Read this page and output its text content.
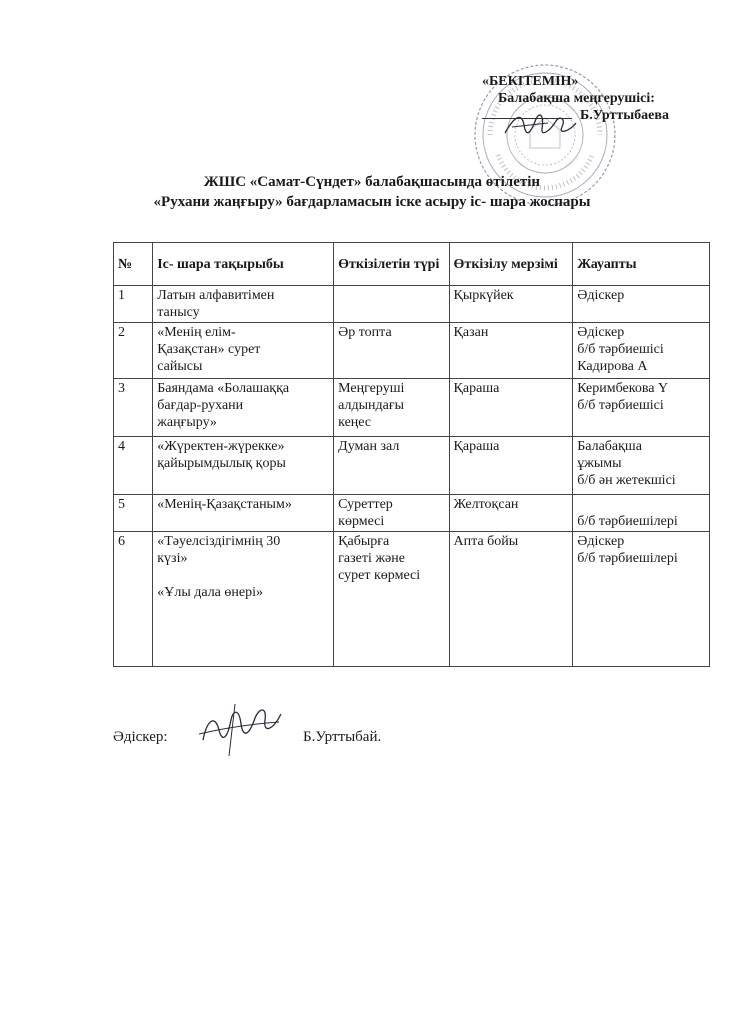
«БЕКІТЕМІН»
Балабақша меңгерушісі:
Б.Урттыбаева
ЖШС «Самат-Сүндет» балабақшасында өтілетін
«Рухани жаңғыру» бағдарламасын іске асыру іс- шара жоспары
№	Іс- шара тақырыбы	Өткізілетін түрі	Өткізілу мерзімі	Жауапты
1	Латын алфавитімен
танысу		Қыркүйек	Әдіскер

2	«Менің елім-
Қазақстан» сурет
сайысы	Әр топта	Қазан	Әдіскер
б/б тәрбиешісі
Кадирова А

3	Баяндама «Болашаққа
бағдар-рухани
жаңғыру»	Меңгеруші
алдындағы
кеңес	Қараша	Керимбекова Ү
б/б тәрбиешісі

4	«Жүректен-жүрекке»
қайырымдылық қоры	Думан зал	Қараша	Балабақша
ұжымы
б/б ән жетекшісі

5	«Менің-Қазақстаным»	Суреттер
көрмесі	Желтоқсан	б/б тәрбиешілері

6	«Тәуелсіздігімнің 30
күзі»
«Ұлы дала өнері»	Қабырға
газеті және
сурет көрмесі	Апта бойы	Әдіскер
б/б тәрбиешілері
Әдіскер:	Б.Урттыбай.
